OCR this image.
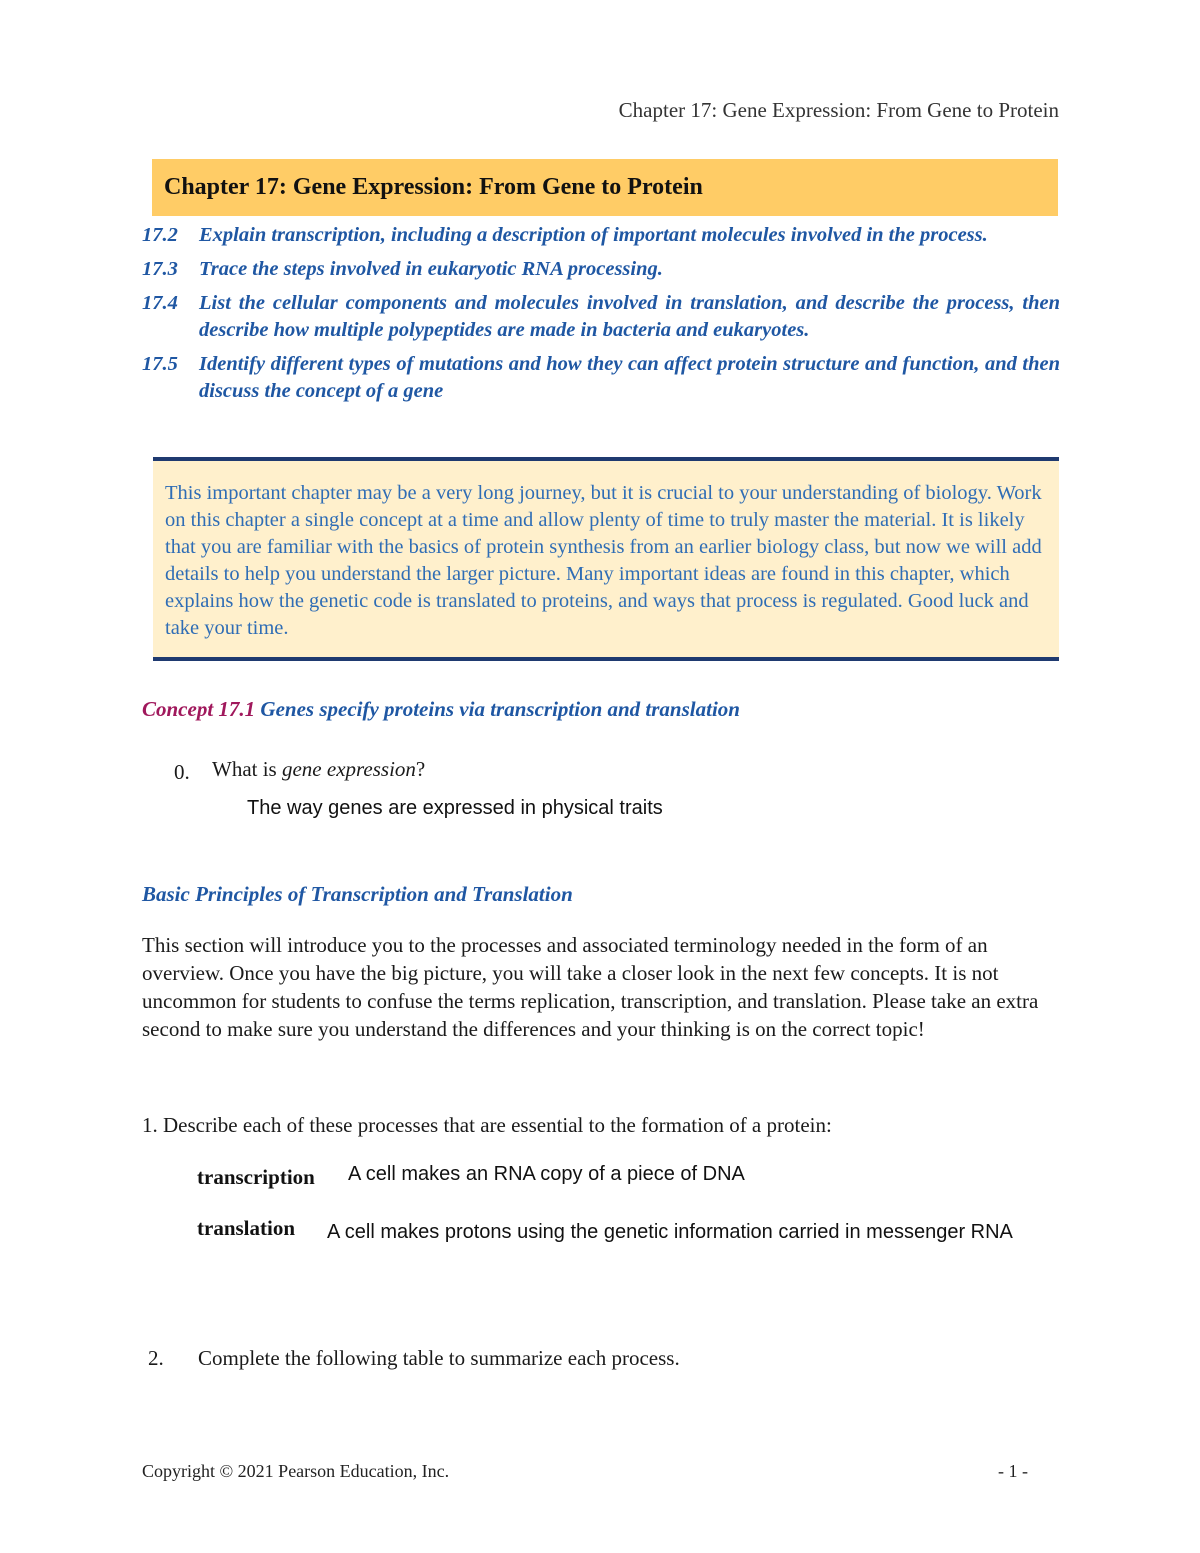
Chapter 17: Gene Expression: From Gene to Protein
Chapter 17: Gene Expression: From Gene to Protein
17.2 Explain transcription, including a description of important molecules involved in the process.
17.3 Trace the steps involved in eukaryotic RNA processing.
17.4 List the cellular components and molecules involved in translation, and describe the process, then describe how multiple polypeptides are made in bacteria and eukaryotes.
17.5 Identify different types of mutations and how they can affect protein structure and function, and then discuss the concept of a gene
This important chapter may be a very long journey, but it is crucial to your understanding of biology. Work on this chapter a single concept at a time and allow plenty of time to truly master the material. It is likely that you are familiar with the basics of protein synthesis from an earlier biology class, but now we will add details to help you understand the larger picture. Many important ideas are found in this chapter, which explains how the genetic code is translated to proteins, and ways that process is regulated. Good luck and take your time.
Concept 17.1 Genes specify proteins via transcription and translation
0. What is gene expression?
The way genes are expressed in physical traits
Basic Principles of Transcription and Translation
This section will introduce you to the processes and associated terminology needed in the form of an overview. Once you have the big picture, you will take a closer look in the next few concepts. It is not uncommon for students to confuse the terms replication, transcription, and translation. Please take an extra second to make sure you understand the differences and your thinking is on the correct topic!
1. Describe each of these processes that are essential to the formation of a protein:
transcription A cell makes an RNA copy of a piece of DNA
translation A cell makes protons using the genetic information carried in messenger RNA
2. Complete the following table to summarize each process.
Copyright © 2021 Pearson Education, Inc.	- 1 -
